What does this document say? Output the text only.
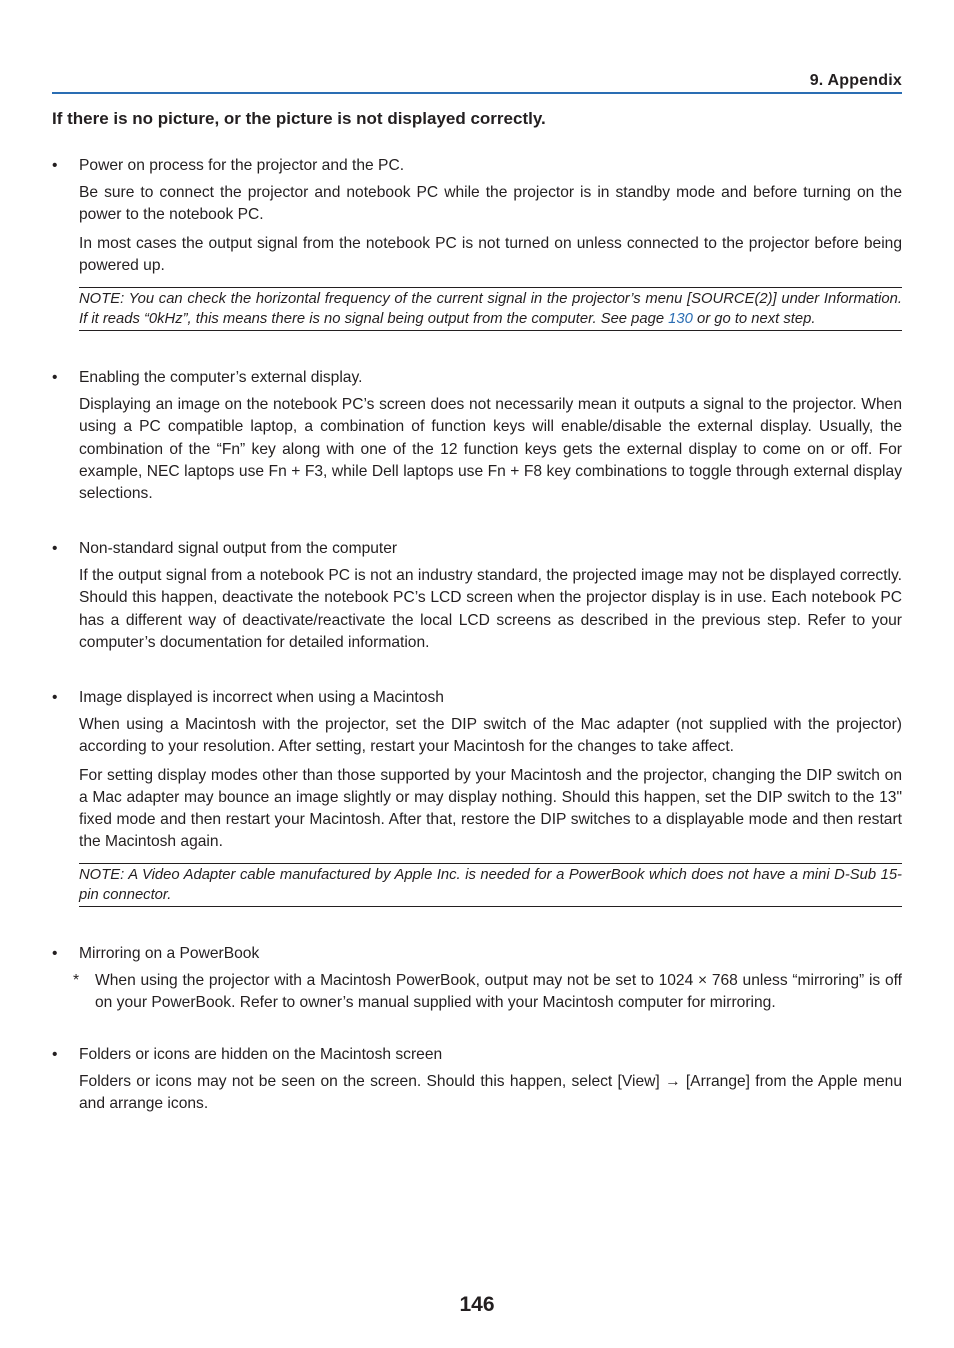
9. Appendix
If there is no picture, or the picture is not displayed correctly.

• Power on process for the projector and the PC.

Be sure to connect the projector and notebook PC while the projector is in standby mode and before turning on the power to the notebook PC.

In most cases the output signal from the notebook PC is not turned on unless connected to the projector before being powered up.

NOTE: You can check the horizontal frequency of the current signal in the projector’s menu [SOURCE(2)] under Information. If it reads “0kHz”, this means there is no signal being output from the computer. See page 130 or go to next step.

• Enabling the computer’s external display.

Displaying an image on the notebook PC’s screen does not necessarily mean it outputs a signal to the projector. When using a PC compatible laptop, a combination of function keys will enable/disable the external display. Usually, the combination of the “Fn” key along with one of the 12 function keys gets the external display to come on or off. For example, NEC laptops use Fn + F3, while Dell laptops use Fn + F8 key combinations to toggle through external display selections.

• Non-standard signal output from the computer

If the output signal from a notebook PC is not an industry standard, the projected image may not be displayed correctly. Should this happen, deactivate the notebook PC’s LCD screen when the projector display is in use. Each notebook PC has a different way of deactivate/reactivate the local LCD screens as described in the previous step. Refer to your computer’s documentation for detailed information.

• Image displayed is incorrect when using a Macintosh

When using a Macintosh with the projector, set the DIP switch of the Mac adapter (not supplied with the projector) according to your resolution. After setting, restart your Macintosh for the changes to take affect.

For setting display modes other than those supported by your Macintosh and the projector, changing the DIP switch on a Mac adapter may bounce an image slightly or may display nothing. Should this happen, set the DIP switch to the 13" fixed mode and then restart your Macintosh. After that, restore the DIP switches to a displayable mode and then restart the Macintosh again.

NOTE: A Video Adapter cable manufactured by Apple Inc. is needed for a PowerBook which does not have a mini D-Sub 15-pin connector.

• Mirroring on a PowerBook

* When using the projector with a Macintosh PowerBook, output may not be set to 1024 × 768 unless “mirroring” is off on your PowerBook. Refer to owner’s manual supplied with your Macintosh computer for mirroring.

• Folders or icons are hidden on the Macintosh screen

Folders or icons may not be seen on the screen. Should this happen, select [View] → [Arrange] from the Apple menu and arrange icons.

146
